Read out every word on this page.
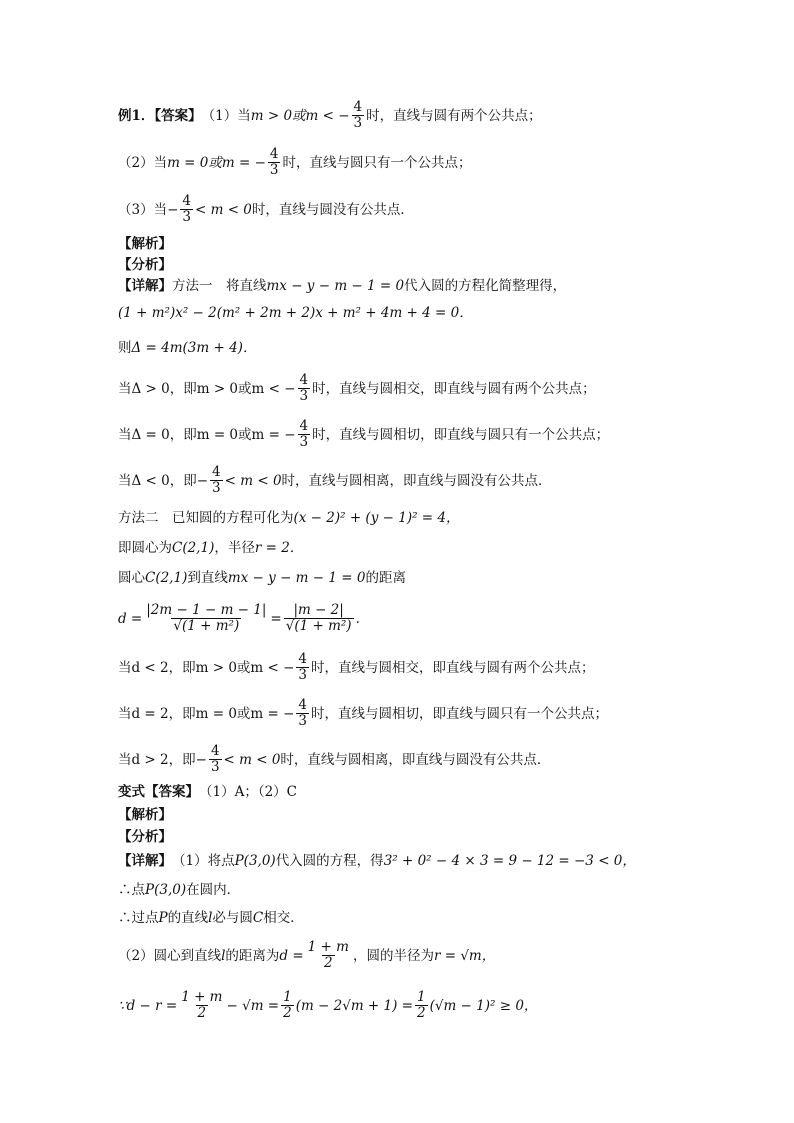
例1．【答案】 （1）当 m > 0或m < − $\frac{4}{3}$ 时，直线与圆有两个公共点；
（2）当 m = 0或m = − $\frac{4}{3}$ 时，直线与圆只有一个公共点；
（3）当− $\frac{4}{3} < m < 0$ 时，直线与圆没有公共点．
【解析】
【分析】
【详解】 方法一　将直线 mx − y − m − 1 = 0 代入圆的方程化简整理得，
(1 + m²)x² − 2(m² + 2m + 2)x + m² + 4m + 4 = 0．
则 Δ = 4m(3m + 4)．
当Δ > 0，即m > 0或m < − $\frac{4}{3}$ 时，直线与圆相交，即直线与圆有两个公共点；
当Δ = 0，即m = 0或m = − $\frac{4}{3}$ 时，直线与圆相切，即直线与圆只有一个公共点；
当Δ < 0，即− $\frac{4}{3} < m < 0$ 时，直线与圆相离，即直线与圆没有公共点．
方法二　已知圆的方程可化为 (x − 2)² + (y − 1)² = 4，
即圆心为 C(2,1) ，半径 r = 2．
圆心 C(2,1) 到直线 mx − y − m − 1 = 0 的距离
$d = \frac{|2m - 1 - m - 1|}{\text{√(1 + m²)}} = \frac{|m - 2|}{\text{√(1 + m²)}}$ ．
当d < 2，即m > 0或m < − $\frac{4}{3}$ 时，直线与圆相交，即直线与圆有两个公共点；
当d = 2，即m = 0或m = − $\frac{4}{3}$ 时，直线与圆相切，即直线与圆只有一个公共点；
当d > 2，即− $\frac{4}{3} < m < 0$ 时，直线与圆相离，即直线与圆没有公共点．
变式【答案】 （1）A；（2）C
【解析】
【分析】
【详解】 （1）将点 P(3,0) 代入圆的方程，得 3² + 0² − 4 × 3 = 9 − 12 = −3 < 0，
∴点 P(3,0) 在圆内．
∴过点 P 的直线 l 必与圆 C 相交．
（2）圆心到直线 l 的距离为 $d = \frac{1 + m}{2}$ ，圆的半径为 r = √m，
∵d − $r = \frac{1 + m}{2} - √m = \frac{1}{2} (m - 2√m + 1) = \frac{1}{2} (√m - 1)^2 \ge 0$，
